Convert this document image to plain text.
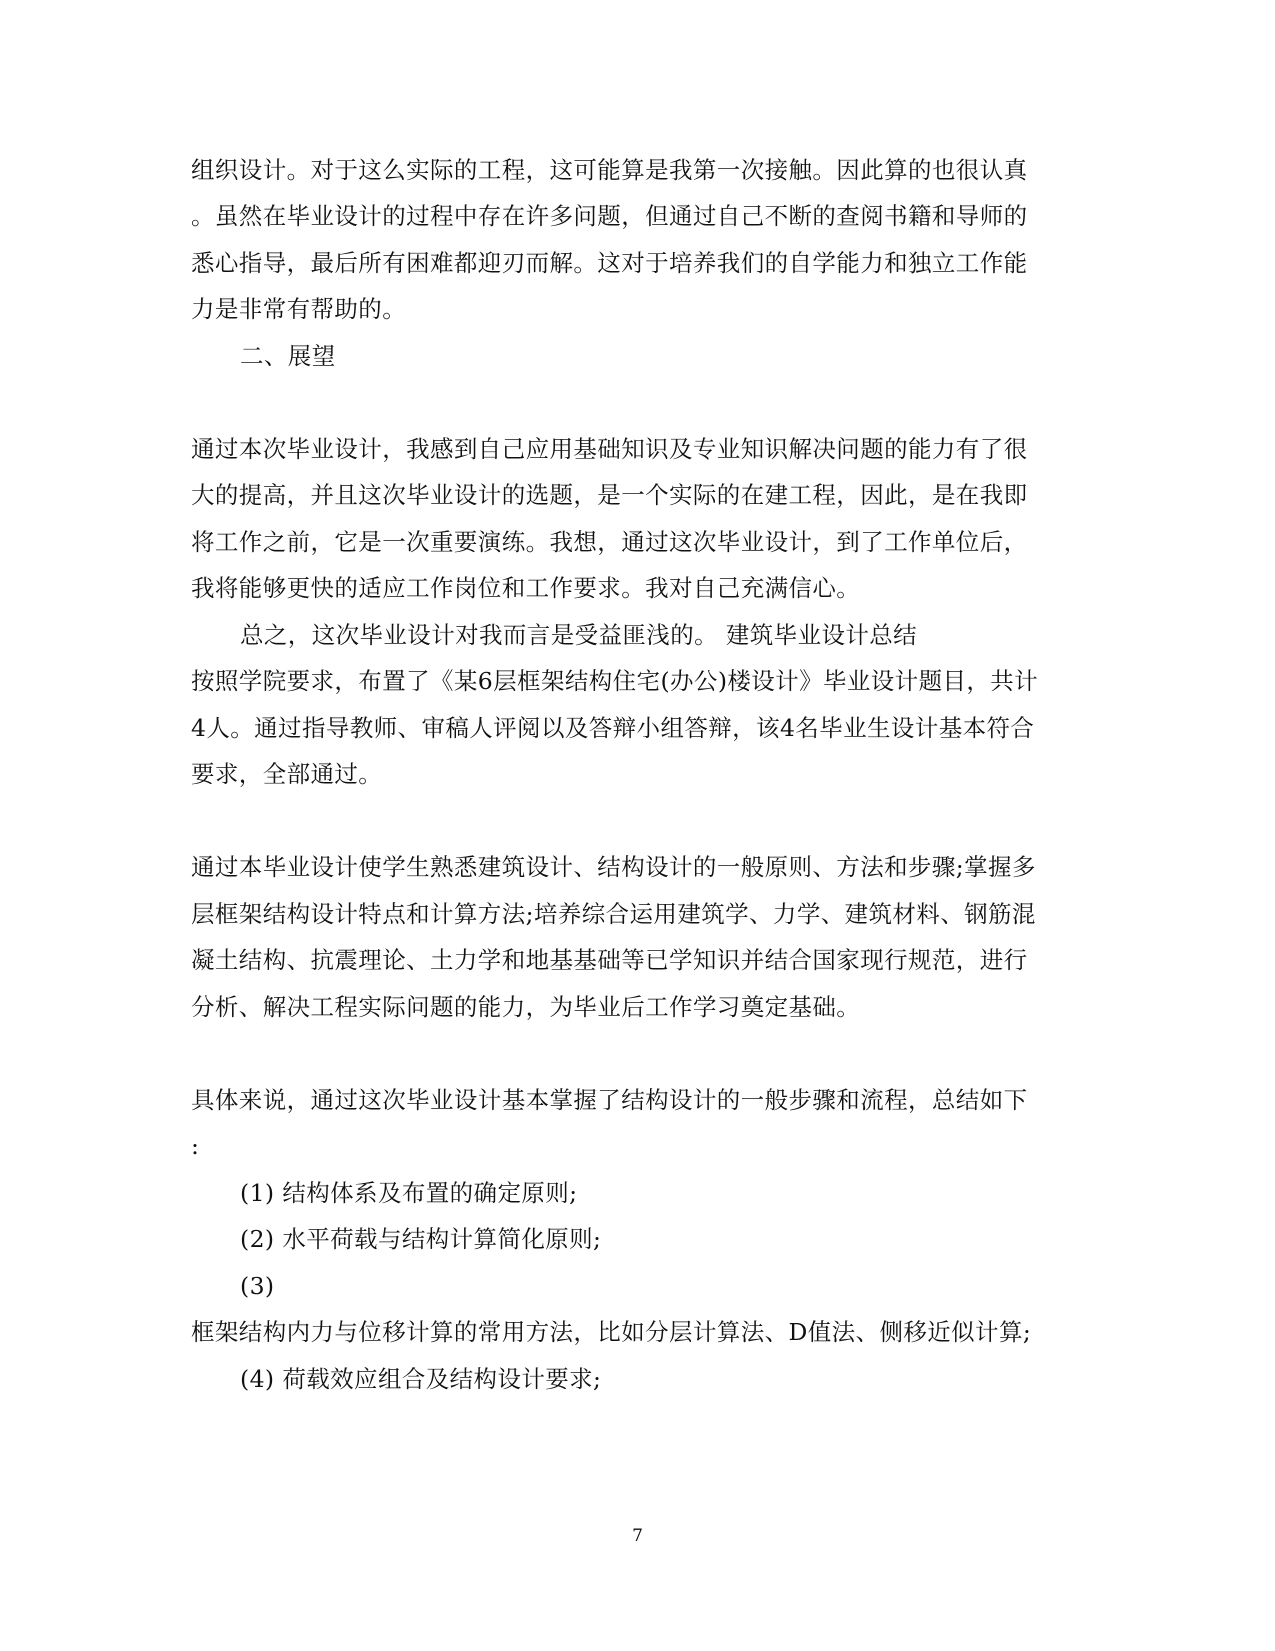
组织设计。对于这么实际的工程，这可能算是我第一次接触。因此算的也很认真
。虽然在毕业设计的过程中存在许多问题，但通过自己不断的查阅书籍和导师的
悉心指导，最后所有困难都迎刃而解。这对于培养我们的自学能力和独立工作能
力是非常有帮助的。
二、展望
通过本次毕业设计，我感到自己应用基础知识及专业知识解决问题的能力有了很
大的提高，并且这次毕业设计的选题，是一个实际的在建工程，因此，是在我即
将工作之前，它是一次重要演练。我想，通过这次毕业设计，到了工作单位后，
我将能够更快的适应工作岗位和工作要求。我对自己充满信心。
总之，这次毕业设计对我而言是受益匪浅的。 建筑毕业设计总结
按照学院要求，布置了《某6层框架结构住宅(办公)楼设计》毕业设计题目，共计
4人。通过指导教师、审稿人评阅以及答辩小组答辩，该4名毕业生设计基本符合
要求，全部通过。
通过本毕业设计使学生熟悉建筑设计、结构设计的一般原则、方法和步骤;掌握多
层框架结构设计特点和计算方法;培养综合运用建筑学、力学、建筑材料、钢筋混
凝土结构、抗震理论、土力学和地基基础等已学知识并结合国家现行规范，进行
分析、解决工程实际问题的能力，为毕业后工作学习奠定基础。
具体来说，通过这次毕业设计基本掌握了结构设计的一般步骤和流程，总结如下
:
(1) 结构体系及布置的确定原则;
(2) 水平荷载与结构计算简化原则;
(3)
框架结构内力与位移计算的常用方法，比如分层计算法、D值法、侧移近似计算;
(4) 荷载效应组合及结构设计要求;
7
